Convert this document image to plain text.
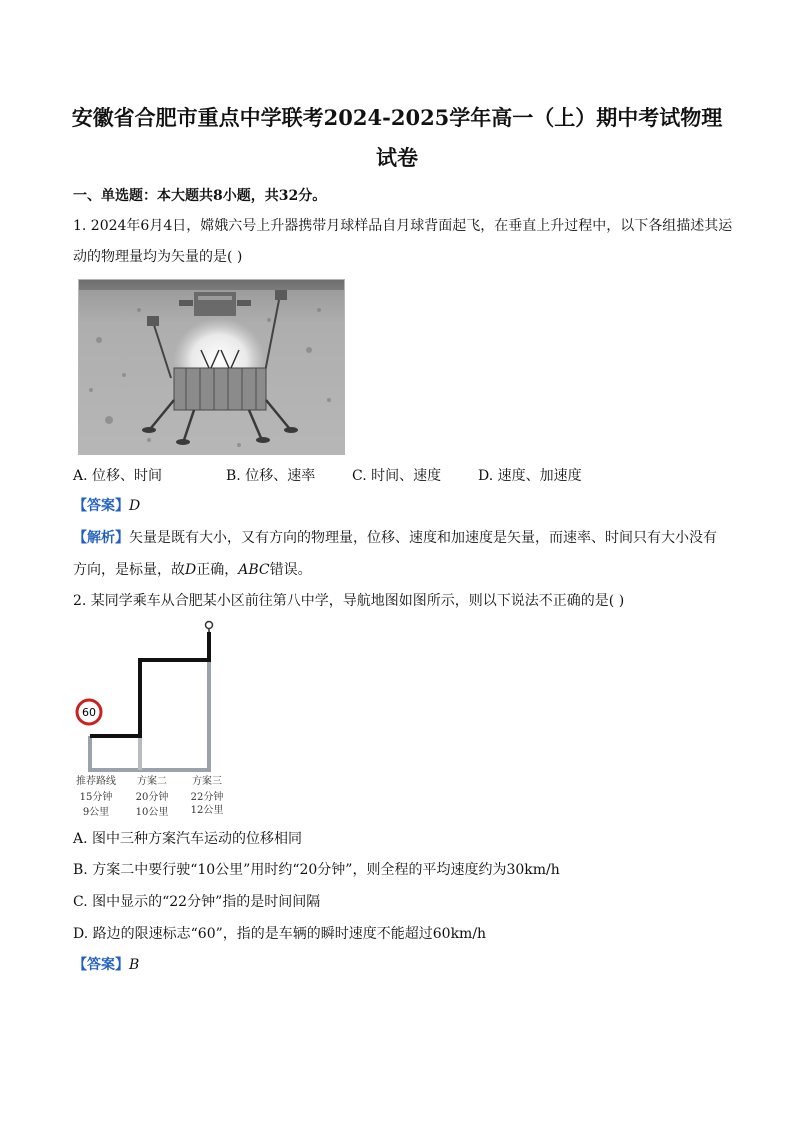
安徽省合肥市重点中学联考2024-2025学年高一（上）期中考试物理
试卷
一、单选题：本大题共8小题，共32分。
1. 2024年6月4日，嫦娥六号上升器携带月球样品自月球背面起飞，在垂直上升过程中，以下各组描述其运
动的物理量均为矢量的是( )
A. 位移、时间	B. 位移、速率	C. 时间、速度	D. 速度、加速度
【答案】D
【解析】矢量是既有大小，又有方向的物理量，位移、速度和加速度是矢量，而速率、时间只有大小没有
方向，是标量，故D正确，ABC错误。
2. 某同学乘车从合肥某小区前往第八中学，导航地图如图所示，则以下说法不正确的是( )
60
推荐路线
15分钟
9公里
方案二
20分钟
10公里
方案三
22分钟
12公里
A. 图中三种方案汽车运动的位移相同
B. 方案二中要行驶“10公里”用时约“20分钟”，则全程的平均速度约为30km/h
C. 图中显示的“22分钟”指的是时间间隔
D. 路边的限速标志“60”，指的是车辆的瞬时速度不能超过60km/h
【答案】B
